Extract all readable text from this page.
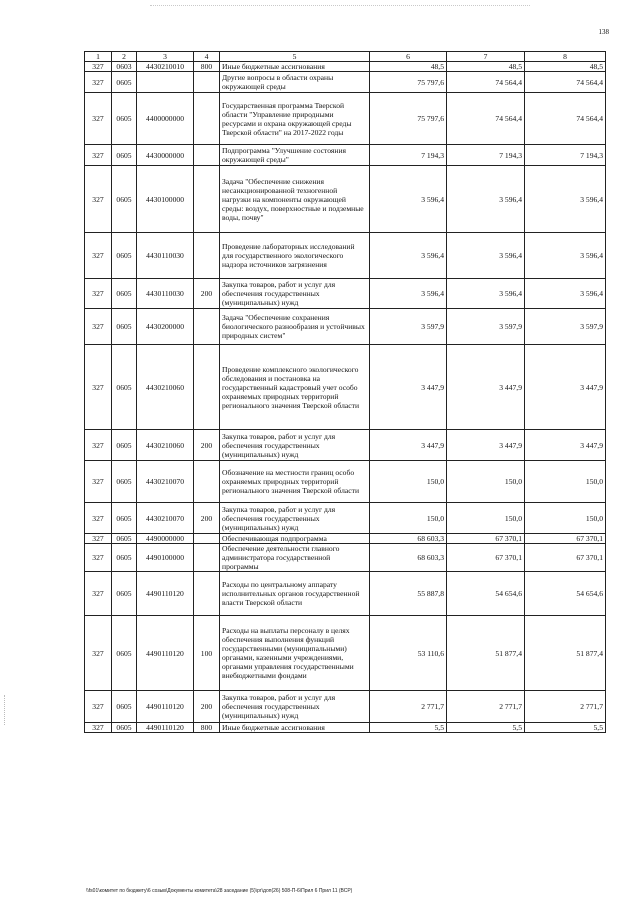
138
1	2	3	4	5	6	7	8
327	0603	4430210010	800	Иные бюджетные ассигнования	48,5	48,5	48,5
327	0605			Другие вопросы в области охраны окружающей среды	75 797,6	74 564,4	74 564,4
327	0605	4400000000		Государственная программа Тверской области "Управление природными ресурсами и охрана окружающей среды Тверской области" на 2017-2022 годы	75 797,6	74 564,4	74 564,4
327	0605	4430000000		Подпрограмма "Улучшение состояния окружающей среды"	7 194,3	7 194,3	7 194,3
327	0605	4430100000		Задача "Обеспечение снижения несанкционированной техногенной нагрузки на компоненты окружающей среды: воздух, поверхностные и подземные воды, почву"	3 596,4	3 596,4	3 596,4
327	0605	4430110030		Проведение лабораторных исследований для государственного экологического надзора источников загрязнения	3 596,4	3 596,4	3 596,4
327	0605	4430110030	200	Закупка товаров, работ и услуг для обеспечения государственных (муниципальных) нужд	3 596,4	3 596,4	3 596,4
327	0605	4430200000		Задача "Обеспечение сохранения биологического разнообразия и устойчивых природных систем"	3 597,9	3 597,9	3 597,9
327	0605	4430210060		Проведение комплексного экологического обследования и постановка на государственный кадастровый учет особо охраняемых природных территорий регионального значения Тверской области	3 447,9	3 447,9	3 447,9
327	0605	4430210060	200	Закупка товаров, работ и услуг для обеспечения государственных (муниципальных) нужд	3 447,9	3 447,9	3 447,9
327	0605	4430210070		Обозначение на местности границ особо охраняемых природных территорий регионального значения Тверской области	150,0	150,0	150,0
327	0605	4430210070	200	Закупка товаров, работ и услуг для обеспечения государственных (муниципальных) нужд	150,0	150,0	150,0
327	0605	4490000000		Обеспечивающая подпрограмма	68 603,3	67 370,1	67 370,1
327	0605	4490100000		Обеспечение деятельности главного администратора государственной программы	68 603,3	67 370,1	67 370,1
327	0605	4490110120		Расходы по центральному аппарату исполнительных органов государственной власти Тверской области	55 887,8	54 654,6	54 654,6
327	0605	4490110120	100	Расходы на выплаты персоналу в целях обеспечения выполнения функций государственными (муниципальными) органами, казенными учреждениями, органами управления государственными внебюджетными фондами	53 110,6	51 877,4	51 877,4
327	0605	4490110120	200	Закупка товаров, работ и услуг для обеспечения государственных (муниципальных) нужд	2 771,7	2 771,7	2 771,7
327	0605	4490110120	800	Иные бюджетные ассигнования	5,5	5,5	5,5
\\fs01\комитет по бюджету\6 созыв\Документы комитета\28 заседание (5)\рг\доп(26) 508-П-6\Прил 6 Прил 11 (ВСР)
